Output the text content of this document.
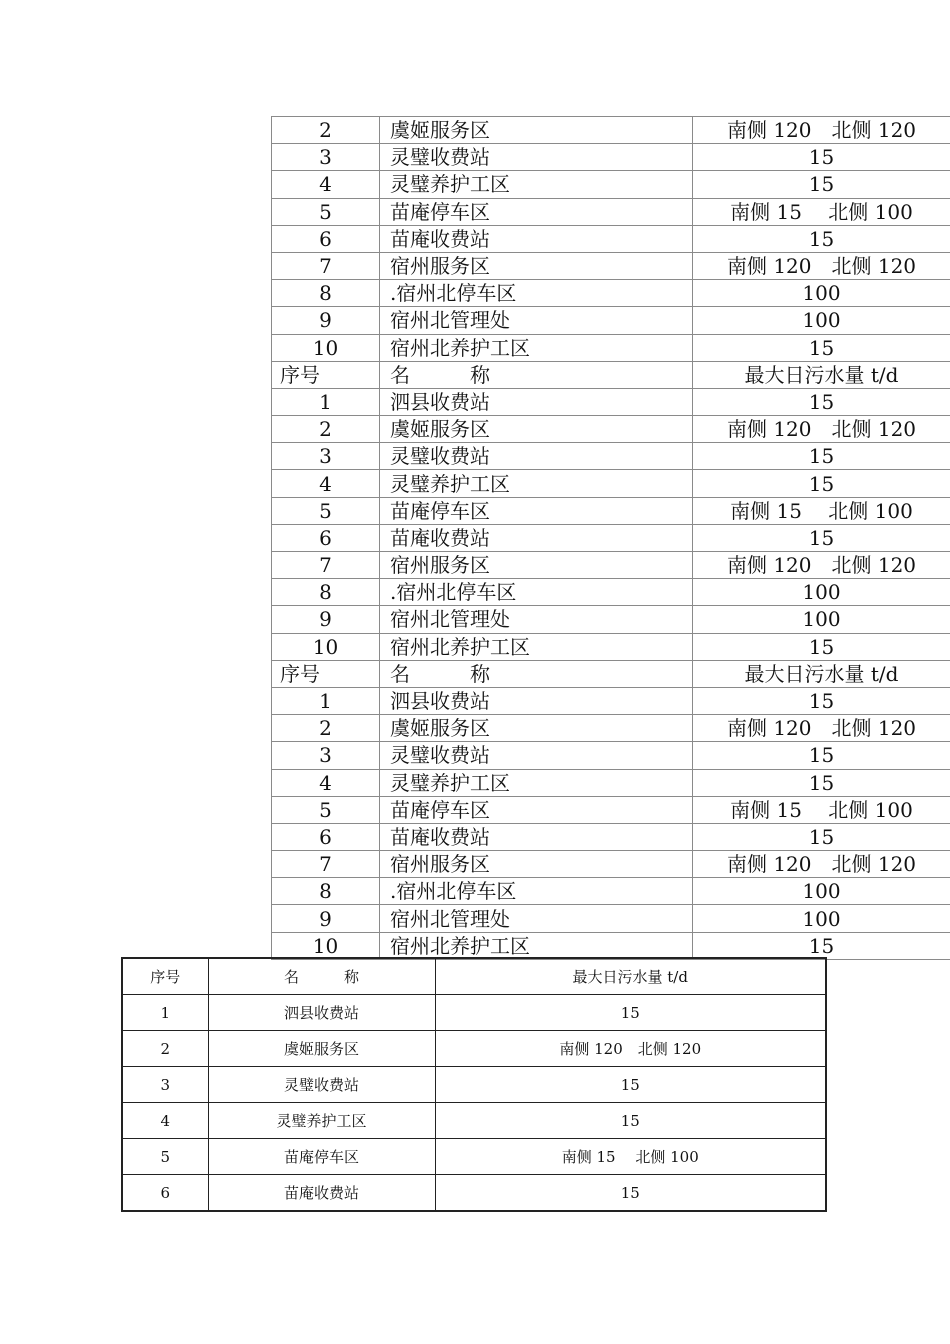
2	虞姬服务区	南侧 120　北侧 120
3	灵璧收费站	15
4	灵璧养护工区	15
5	苗庵停车区	南侧 15　 北侧 100
6	苗庵收费站	15
7	宿州服务区	南侧 120　北侧 120
8	.宿州北停车区	100
9	宿州北管理处	100
10	宿州北养护工区	15
序号	名　　　称	最大日污水量 t/d
1	泗县收费站	15
2	虞姬服务区	南侧 120　北侧 120
3	灵璧收费站	15
4	灵璧养护工区	15
5	苗庵停车区	南侧 15　 北侧 100
6	苗庵收费站	15
7	宿州服务区	南侧 120　北侧 120
8	.宿州北停车区	100
9	宿州北管理处	100
10	宿州北养护工区	15
序号	名　　　称	最大日污水量 t/d
1	泗县收费站	15
2	虞姬服务区	南侧 120　北侧 120
3	灵璧收费站	15
4	灵璧养护工区	15
5	苗庵停车区	南侧 15　 北侧 100
6	苗庵收费站	15
7	宿州服务区	南侧 120　北侧 120
8	.宿州北停车区	100
9	宿州北管理处	100
10	宿州北养护工区	15
序号	名　　　称	最大日污水量 t/d
1	泗县收费站	15
2	虞姬服务区	南侧 120　北侧 120
3	灵璧收费站	15
4	灵璧养护工区	15
5	苗庵停车区	南侧 15　 北侧 100
6	苗庵收费站	15
